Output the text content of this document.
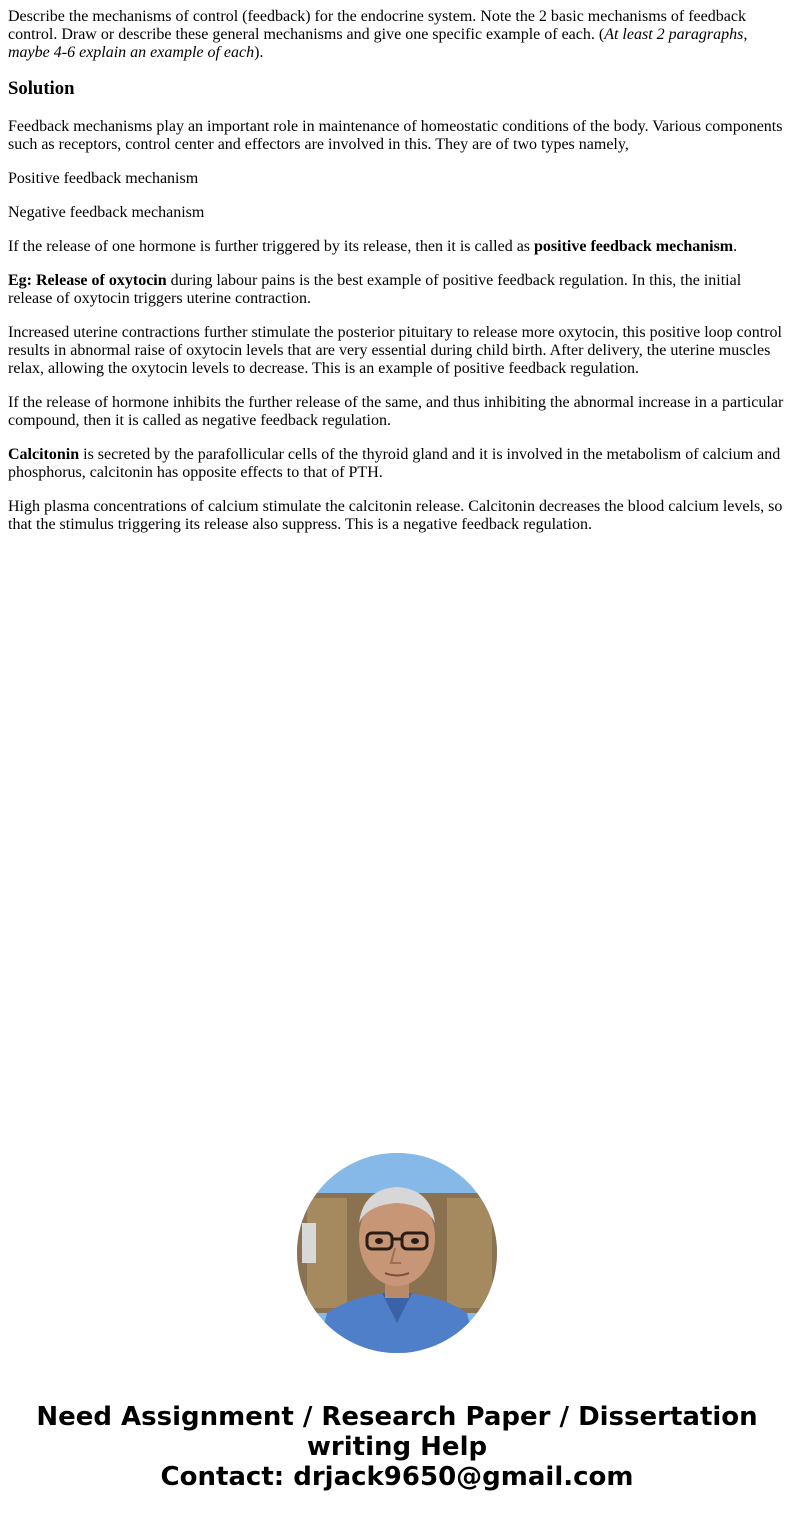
Describe the mechanisms of control (feedback) for the endocrine system. Note the 2 basic mechanisms of feedback control. Draw or describe these general mechanisms and give one specific example of each. (At least 2 paragraphs, maybe 4-6 explain an example of each).

Solution

Feedback mechanisms play an important role in maintenance of homeostatic conditions of the body. Various components such as receptors, control center and effectors are involved in this. They are of two types namely,

Positive feedback mechanism

Negative feedback mechanism

If the release of one hormone is further triggered by its release, then it is called as positive feedback mechanism.

Eg: Release of oxytocin during labour pains is the best example of positive feedback regulation. In this, the initial release of oxytocin triggers uterine contraction.

Increased uterine contractions further stimulate the posterior pituitary to release more oxytocin, this positive loop control results in abnormal raise of oxytocin levels that are very essential during child birth. After delivery, the uterine muscles relax, allowing the oxytocin levels to decrease. This is an example of positive feedback regulation.

If the release of hormone inhibits the further release of the same, and thus inhibiting the abnormal increase in a particular compound, then it is called as negative feedback regulation.

Calcitonin is secreted by the parafollicular cells of the thyroid gland and it is involved in the metabolism of calcium and phosphorus, calcitonin has opposite effects to that of PTH.

High plasma concentrations of calcium stimulate the calcitonin release. Calcitonin decreases the blood calcium levels, so that the stimulus triggering its release also suppress. This is a negative feedback regulation.

Need Assignment / Research Paper / Dissertation
writing Help
Contact: drjack9650@gmail.com
